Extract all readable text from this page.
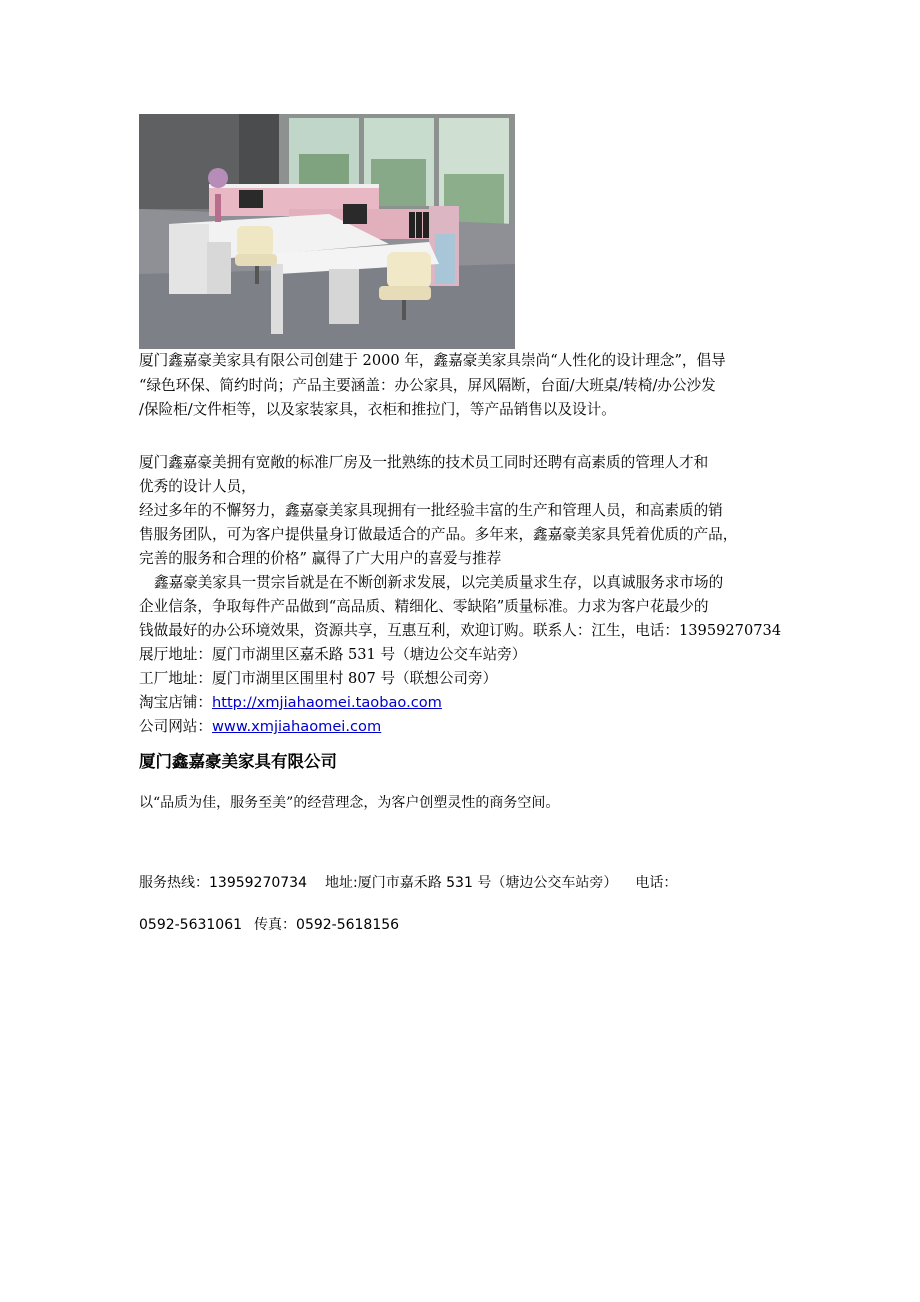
厦门鑫嘉豪美家具有限公司创建于 2000 年，鑫嘉豪美家具崇尚“人性化的设计理念”，倡导
“绿色环保、简约时尚；产品主要涵盖：办公家具，屏风隔断，台面/大班桌/转椅/办公沙发
/保险柜/文件柜等，以及家装家具，衣柜和推拉门，等产品销售以及设计。
厦门鑫嘉豪美拥有宽敞的标准厂房及一批熟练的技术员工同时还聘有高素质的管理人才和
优秀的设计人员，
经过多年的不懈努力，鑫嘉豪美家具现拥有一批经验丰富的生产和管理人员，和高素质的销
售服务团队，可为客户提供量身订做最适合的产品。多年来，鑫嘉豪美家具凭着优质的产品，
完善的服务和合理的价格” 赢得了广大用户的喜爱与推荐
鑫嘉豪美家具一贯宗旨就是在不断创新求发展，以完美质量求生存，以真诚服务求市场的
企业信条，争取每件产品做到“高品质、精细化、零缺陷”质量标准。力求为客户花最少的
钱做最好的办公环境效果，资源共享，互惠互利，欢迎订购。联系人：江生，电话：13959270734
展厅地址：厦门市湖里区嘉禾路 531 号（塘边公交车站旁）
工厂地址：厦门市湖里区围里村 807 号（联想公司旁）
淘宝店铺：http://xmjiahaomei.taobao.com
公司网站：www.xmjiahaomei.com
厦门鑫嘉豪美家具有限公司
以“品质为佳，服务至美”的经营理念，为客户创塑灵性的商务空间。
服务热线：13959270734 地址:厦门市嘉禾路 531 号（塘边公交车站旁） 电话：
0592-5631061 传真：0592-5618156
